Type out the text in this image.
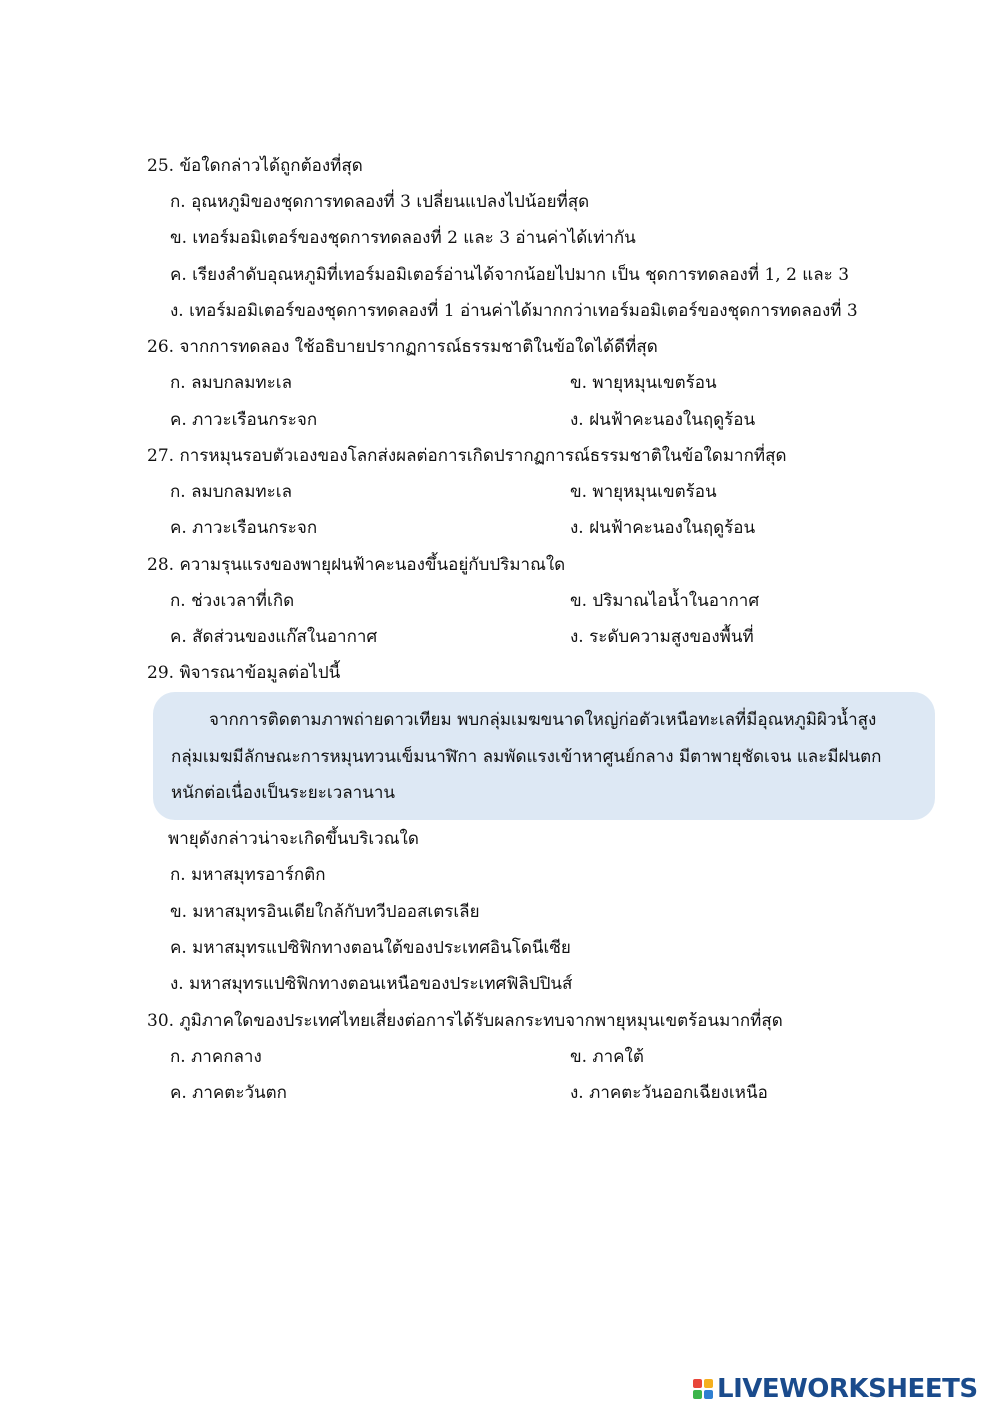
25. ข้อใดกล่าวได้ถูกต้องที่สุด
ก. อุณหภูมิของชุดการทดลองที่ 3 เปลี่ยนแปลงไปน้อยที่สุด
ข. เทอร์มอมิเตอร์ของชุดการทดลองที่ 2 และ 3 อ่านค่าได้เท่ากัน
ค. เรียงลำดับอุณหภูมิที่เทอร์มอมิเตอร์อ่านได้จากน้อยไปมาก เป็น ชุดการทดลองที่ 1, 2 และ 3
ง. เทอร์มอมิเตอร์ของชุดการทดลองที่ 1 อ่านค่าได้มากกว่าเทอร์มอมิเตอร์ของชุดการทดลองที่ 3
26. จากการทดลอง ใช้อธิบายปรากฏการณ์ธรรมชาติในข้อใดได้ดีที่สุด
ก. ลมบกลมทะเล	ข. พายุหมุนเขตร้อน
ค. ภาวะเรือนกระจก	ง. ฝนฟ้าคะนองในฤดูร้อน
27. การหมุนรอบตัวเองของโลกส่งผลต่อการเกิดปรากฏการณ์ธรรมชาติในข้อใดมากที่สุด
ก. ลมบกลมทะเล	ข. พายุหมุนเขตร้อน
ค. ภาวะเรือนกระจก	ง. ฝนฟ้าคะนองในฤดูร้อน
28. ความรุนแรงของพายุฝนฟ้าคะนองขึ้นอยู่กับปริมาณใด
ก. ช่วงเวลาที่เกิด	ข. ปริมาณไอน้ำในอากาศ
ค. สัดส่วนของแก๊สในอากาศ	ง. ระดับความสูงของพื้นที่
29. พิจารณาข้อมูลต่อไปนี้
จากการติดตามภาพถ่ายดาวเทียม พบกลุ่มเมฆขนาดใหญ่ก่อตัวเหนือทะเลที่มีอุณหภูมิผิวน้ำสูง
กลุ่มเมฆมีลักษณะการหมุนทวนเข็มนาฬิกา ลมพัดแรงเข้าหาศูนย์กลาง มีตาพายุชัดเจน และมีฝนตก
หนักต่อเนื่องเป็นระยะเวลานาน
พายุดังกล่าวน่าจะเกิดขึ้นบริเวณใด
ก. มหาสมุทรอาร์กติก
ข. มหาสมุทรอินเดียใกล้กับทวีปออสเตรเลีย
ค. มหาสมุทรแปซิฟิกทางตอนใต้ของประเทศอินโดนีเซีย
ง. มหาสมุทรแปซิฟิกทางตอนเหนือของประเทศฟิลิปปินส์
30. ภูมิภาคใดของประเทศไทยเสี่ยงต่อการได้รับผลกระทบจากพายุหมุนเขตร้อนมากที่สุด
ก. ภาคกลาง	ข. ภาคใต้
ค. ภาคตะวันตก	ง. ภาคตะวันออกเฉียงเหนือ
LIVEWORKSHEETS
